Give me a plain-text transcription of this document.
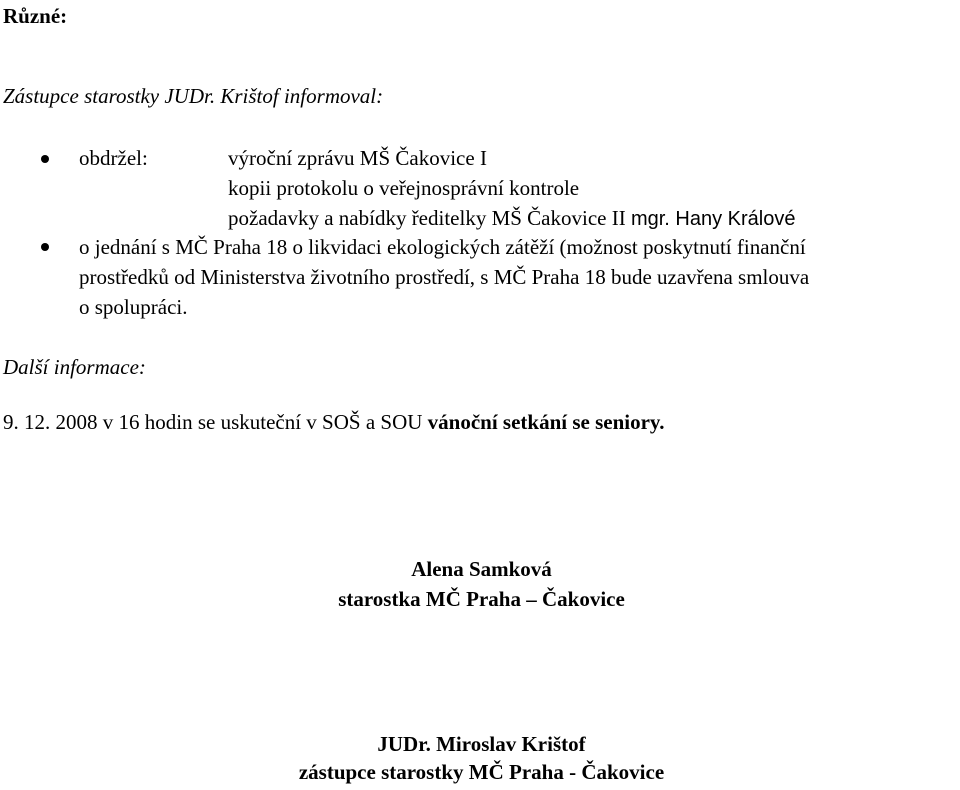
Různé:
Zástupce starostky JUDr. Krištof informoval:
obdržel:	výroční zprávu MŠ Čakovice I
kopii protokolu o veřejnosprávní kontrole
požadavky a nabídky ředitelky MŠ Čakovice II mgr. Hany Králové
o jednání s MČ Praha 18 o likvidaci ekologických zátěží (možnost poskytnutí finanční
prostředků od Ministerstva životního prostředí, s MČ Praha 18 bude uzavřena smlouva
o spolupráci.
Další informace:
9. 12. 2008 v 16 hodin se uskuteční v SOŠ a SOU vánoční setkání se seniory.
Alena Samková
starostka MČ Praha – Čakovice
JUDr. Miroslav Krištof
zástupce starostky MČ Praha - Čakovice
